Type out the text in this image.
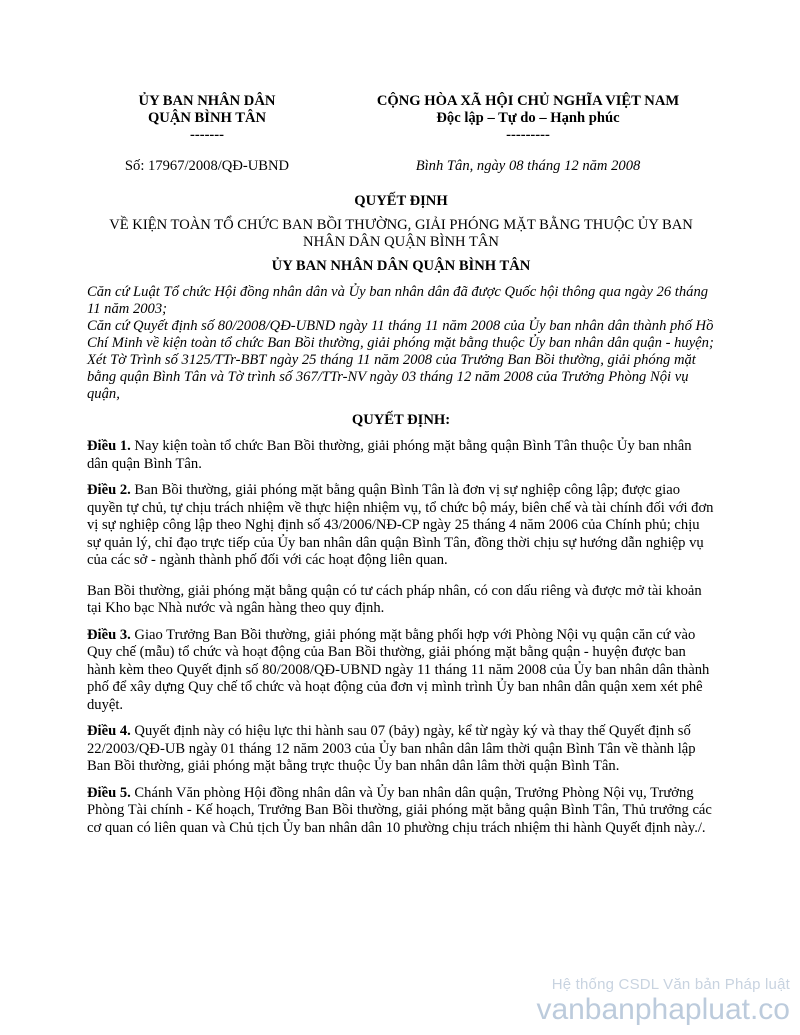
ỦY BAN NHÂN DÂN
QUẬN BÌNH TÂN
-------
CỘNG HÒA XÃ HỘI CHỦ NGHĨA VIỆT NAM
Độc lập – Tự do – Hạnh phúc
---------
Số: 17967/2008/QĐ-UBND	Bình Tân, ngày 08 tháng 12 năm 2008
QUYẾT ĐỊNH
VỀ KIỆN TOÀN TỔ CHỨC BAN BỒI THƯỜNG, GIẢI PHÓNG MẶT BẰNG THUỘC ỦY BAN NHÂN DÂN QUẬN BÌNH TÂN
ỦY BAN NHÂN DÂN QUẬN BÌNH TÂN

Căn cứ Luật Tổ chức Hội đồng nhân dân và Ủy ban nhân dân đã được Quốc hội thông qua ngày 26 tháng 11 năm 2003;

Căn cứ Quyết định số 80/2008/QĐ-UBND ngày 11 tháng 11 năm 2008 của Ủy ban nhân dân thành phố Hồ Chí Minh về kiện toàn tổ chức Ban Bồi thường, giải phóng mặt bằng thuộc Ủy ban nhân dân quận - huyện;

Xét Tờ Trình số 3125/TTr-BBT ngày 25 tháng 11 năm 2008 của Trưởng Ban Bồi thường, giải phóng mặt bằng quận Bình Tân và Tờ trình số 367/TTr-NV ngày 03 tháng 12 năm 2008 của Trưởng Phòng Nội vụ quận,

QUYẾT ĐỊNH:

Điều 1. Nay kiện toàn tổ chức Ban Bồi thường, giải phóng mặt bằng quận Bình Tân thuộc Ủy ban nhân dân quận Bình Tân.

Điều 2. Ban Bồi thường, giải phóng mặt bằng quận Bình Tân là đơn vị sự nghiệp công lập; được giao quyền tự chủ, tự chịu trách nhiệm về thực hiện nhiệm vụ, tổ chức bộ máy, biên chế và tài chính đối với đơn vị sự nghiệp công lập theo Nghị định số 43/2006/NĐ-CP ngày 25 tháng 4 năm 2006 của Chính phủ; chịu sự quản lý, chỉ đạo trực tiếp của Ủy ban nhân dân quận Bình Tân, đồng thời chịu sự hướng dẫn nghiệp vụ của các sở - ngành thành phố đối với các hoạt động liên quan.

Ban Bồi thường, giải phóng mặt bằng quận có tư cách pháp nhân, có con dấu riêng và được mở tài khoản tại Kho bạc Nhà nước và ngân hàng theo quy định.

Điều 3. Giao Trưởng Ban Bồi thường, giải phóng mặt bằng phối hợp với Phòng Nội vụ quận căn cứ vào Quy chế (mẫu) tổ chức và hoạt động của Ban Bồi thường, giải phóng mặt bằng quận - huyện được ban hành kèm theo Quyết định số 80/2008/QĐ-UBND ngày 11 tháng 11 năm 2008 của Ủy ban nhân dân thành phố để xây dựng Quy chế tổ chức và hoạt động của đơn vị mình trình Ủy ban nhân dân quận xem xét phê duyệt.

Điều 4. Quyết định này có hiệu lực thi hành sau 07 (bảy) ngày, kể từ ngày ký và thay thế Quyết định số 22/2003/QĐ-UB ngày 01 tháng 12 năm 2003 của Ủy ban nhân dân lâm thời quận Bình Tân về thành lập Ban Bồi thường, giải phóng mặt bằng trực thuộc Ủy ban nhân dân lâm thời quận Bình Tân.

Điều 5. Chánh Văn phòng Hội đồng nhân dân và Ủy ban nhân dân quận, Trưởng Phòng Nội vụ, Trưởng Phòng Tài chính - Kế hoạch, Trưởng Ban Bồi thường, giải phóng mặt bằng quận Bình Tân, Thủ trưởng các cơ quan có liên quan và Chủ tịch Ủy ban nhân dân 10 phường chịu trách nhiệm thi hành Quyết định này./.

Hệ thống CSDL Văn bản Pháp luật
vanbanphapluat.co
